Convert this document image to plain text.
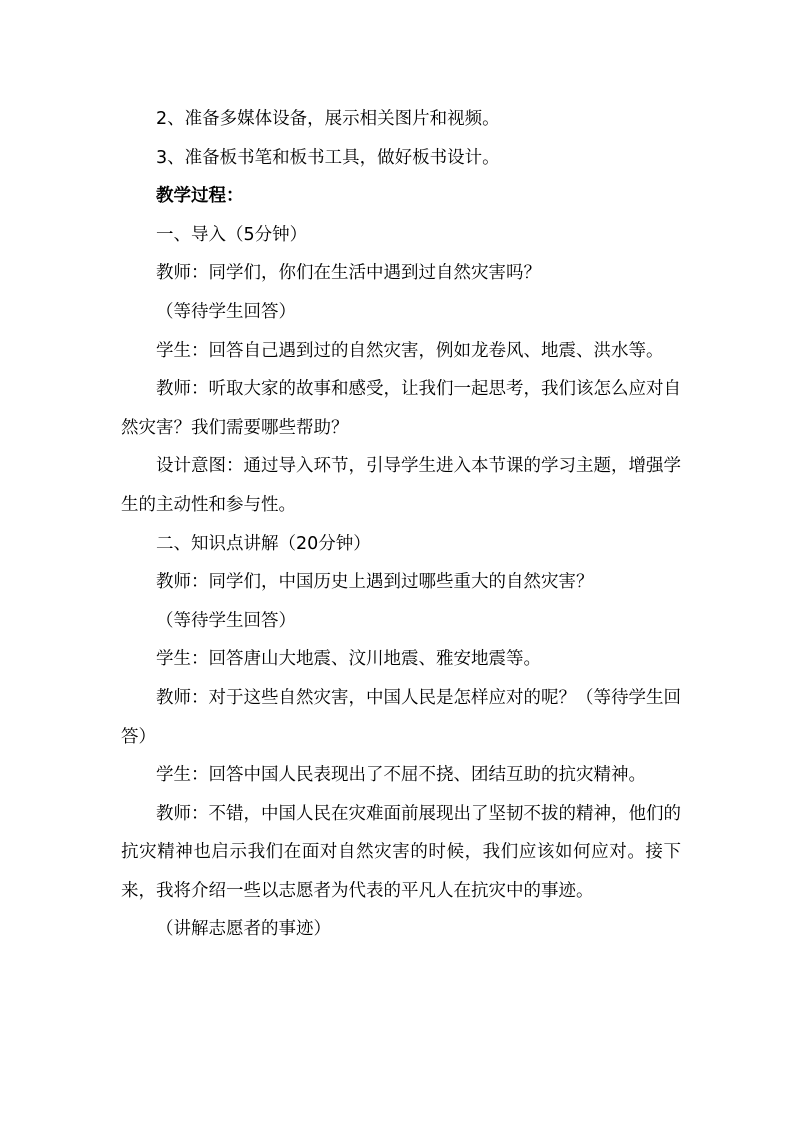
2、准备多媒体设备，展示相关图片和视频。

3、准备板书笔和板书工具，做好板书设计。

教学过程：

一、导入（5分钟）

教师：同学们，你们在生活中遇到过自然灾害吗？

（等待学生回答）

学生：回答自己遇到过的自然灾害，例如龙卷风、地震、洪水等。

教师：听取大家的故事和感受，让我们一起思考，我们该怎么应对自然灾害？我们需要哪些帮助？

设计意图：通过导入环节，引导学生进入本节课的学习主题，增强学生的主动性和参与性。

二、知识点讲解（20分钟）

教师：同学们，中国历史上遇到过哪些重大的自然灾害？

（等待学生回答）

学生：回答唐山大地震、汶川地震、雅安地震等。

教师：对于这些自然灾害，中国人民是怎样应对的呢？（等待学生回答）

学生：回答中国人民表现出了不屈不挠、团结互助的抗灾精神。

教师：不错，中国人民在灾难面前展现出了坚韧不拔的精神，他们的抗灾精神也启示我们在面对自然灾害的时候，我们应该如何应对。接下来，我将介绍一些以志愿者为代表的平凡人在抗灾中的事迹。

（讲解志愿者的事迹）
